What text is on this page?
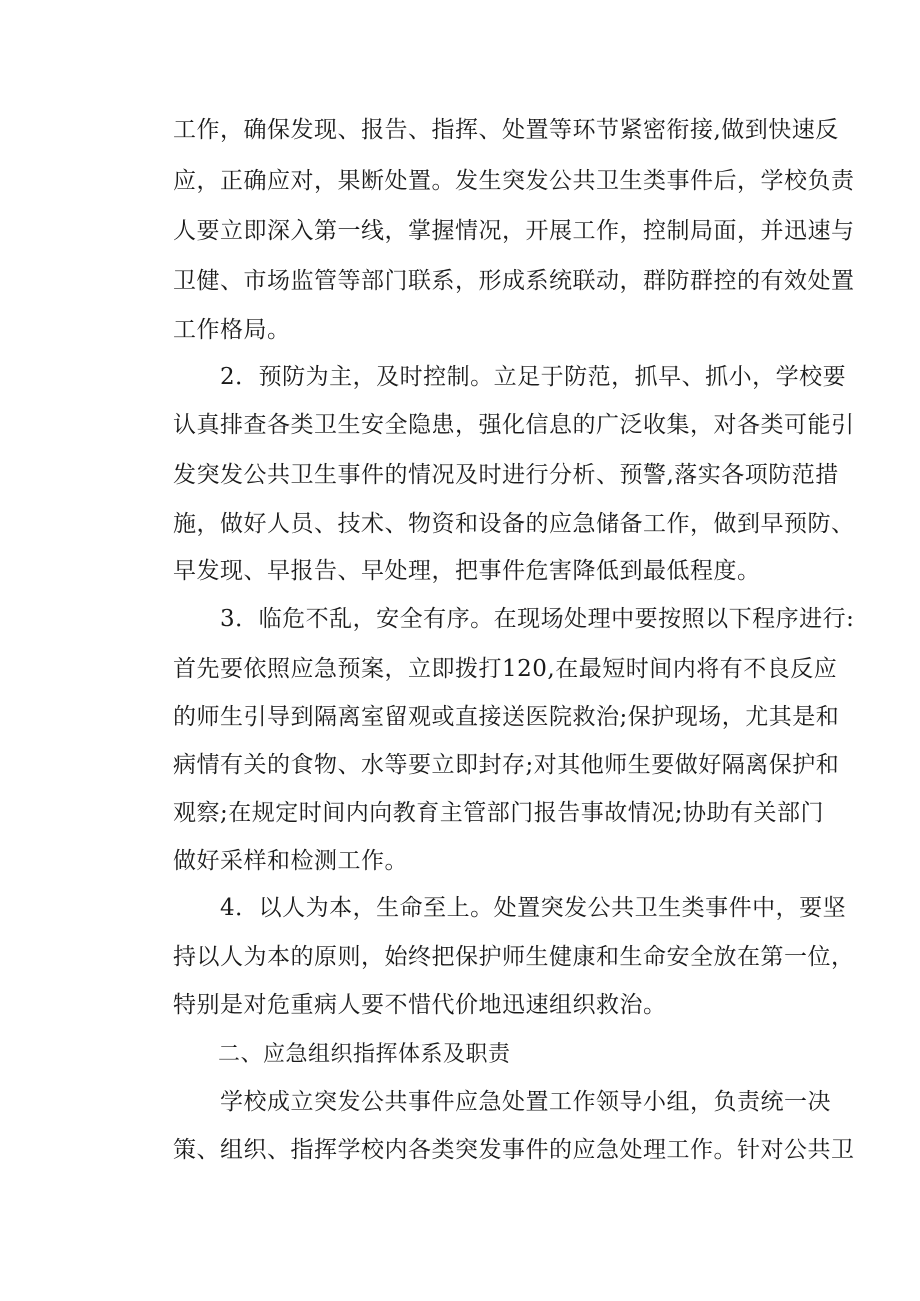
工作，确保发现、报告、指挥、处置等环节紧密衔接,做到快速反

应，正确应对，果断处置。发生突发公共卫生类事件后，学校负责

人要立即深入第一线，掌握情况，开展工作，控制局面，并迅速与

卫健、市场监管等部门联系，形成系统联动，群防群控的有效处置

工作格局。

2．预防为主，及时控制。立足于防范，抓早、抓小，学校要

认真排查各类卫生安全隐患，强化信息的广泛收集，对各类可能引

发突发公共卫生事件的情况及时进行分析、预警,落实各项防范措

施，做好人员、技术、物资和设备的应急储备工作，做到早预防、

早发现、早报告、早处理，把事件危害降低到最低程度。

3．临危不乱，安全有序。在现场处理中要按照以下程序进行:

首先要依照应急预案，立即拨打120,在最短时间内将有不良反应

的师生引导到隔离室留观或直接送医院救治;保护现场，尤其是和

病情有关的食物、水等要立即封存;对其他师生要做好隔离保护和

观察;在规定时间内向教育主管部门报告事故情况;协助有关部门

做好采样和检测工作。

4．以人为本，生命至上。处置突发公共卫生类事件中，要坚

持以人为本的原则，始终把保护师生健康和生命安全放在第一位，

特别是对危重病人要不惜代价地迅速组织救治。

二、应急组织指挥体系及职责

学校成立突发公共事件应急处置工作领导小组，负责统一决

策、组织、指挥学校内各类突发事件的应急处理工作。针对公共卫
